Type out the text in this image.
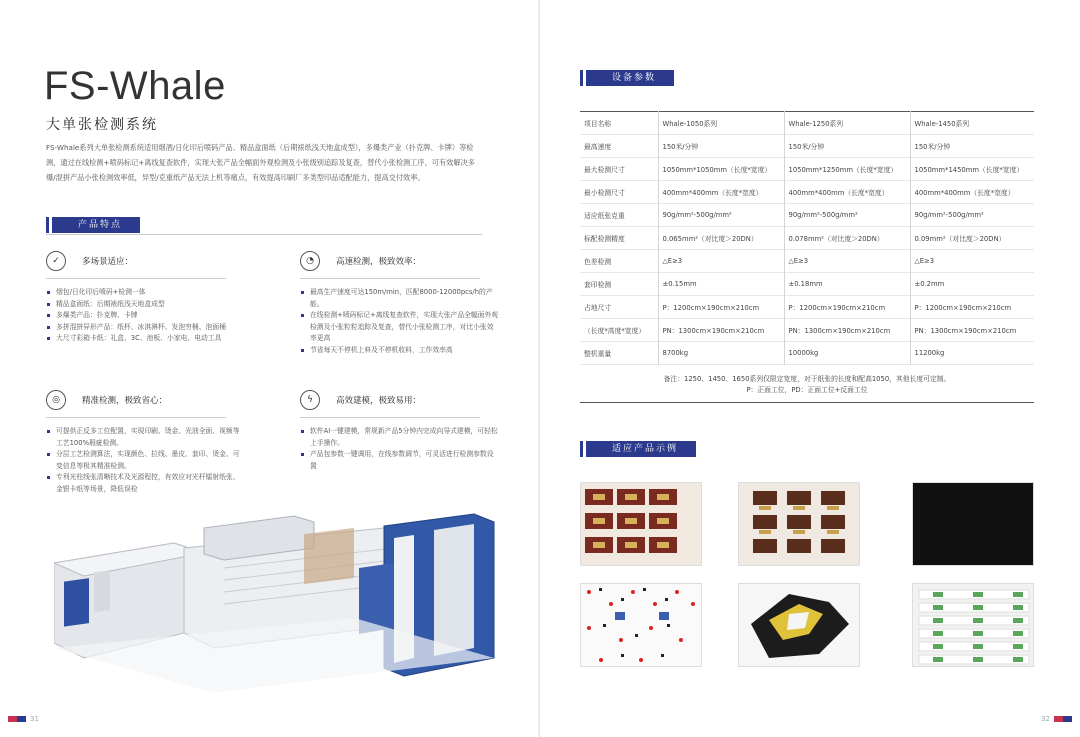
FS-Whale
大单张检测系统
FS-Whale系列大单张检测系统适用烟酒/日化印后喷码产品、精品盒面纸（后期裱纸浅天地盒成型），多爆类产业（扑克牌、卡牌）等检测，通过在线检测+喷码标记+离线复查软件，实现大张产品全幅面外观检测及小张级别追踪及复查，替代小张检测工序，可有效解决多爆/混拼产品小张检测效率低，异型/克重纸产品无法上机等痛点，有效提高印刷厂多类型印品适配能力，提高交付效率。
产品特点
✓	多场景适应：
烟包/日化印后喷码+检测一体
精品盒面纸：后期裱纸浅天地盒成型
多爆类产品：扑克牌、卡牌
多拼混拼异形产品：纸杯、冰淇淋杯、发泡穷桶、泡面桶
大尺寸彩箱卡纸：礼盒、3C、池板、小家电、电动工具
◔	高速检测，极致效率：
最高生产速度可达150m/min，匹配8000-12000pcs/h的产能。
在线检测+喷码标记+离线复查软件，实现大张产品全幅面外观检测及小张粒粒追踪及复查，替代小张检测工序，对比小张效率更高
节省每天不停机上料及不停机收料，工作效率高
◎	精准检测，极致省心：
可提供正反多工位配置，实现印刷、烫金、光油全面、视频等工艺100%瑕疵检测。
分层工艺检测算法，实现颜色、拉线、墨皮、套印、烫金、可变信息等极其精准检测。
专利光柱线张清晰技术及光源程控，有效应对光杆镭射纸张、金银卡纸等场景，降低误检
ϟ	高效建模，极致易用：
软件AI一键建模，常规新产品5分钟内完成向导式建模，可轻松上手操作。
产品包参数一键调用，在线参数调节，可灵活进行检测参数设置
31
设备参数
项目名称	Whale-1050系列	Whale-1250系列	Whale-1450系列
最高速度	150米/分钟	150米/分钟	150米/分钟
最大检测尺寸	1050mm*1050mm（长度*宽度）	1050mm*1250mm（长度*宽度）	1050mm*1450mm（长度*宽度）
最小检测尺寸	400mm*400mm（长度*宽度）	400mm*400mm（长度*宽度）	400mm*400mm（长度*宽度）
适应纸张克重	90g/mm²-500g/mm²	90g/mm²-500g/mm²	90g/mm²-500g/mm²
标配检测精度	0.065mm²（对比度＞20DN）	0.078mm²（对比度＞20DN）	0.09mm²（对比度＞20DN）
色差检测	△E≥3	△E≥3	△E≥3
套印检测	±0.15mm	±0.18mm	±0.2mm
占地尺寸	P：1200cm×190cm×210cm	P：1200cm×190cm×210cm	P：1200cm×190cm×210cm
（长度*高度*宽度）	PN：1300cm×190cm×210cm	PN：1300cm×190cm×210cm	PN：1300cm×190cm×210cm
整机重量	8700kg	10000kg	11200kg
备注：1250、1450、1650系列仅限定宽度，对于纸张的长度和配高1050，其他长度可定制。
P：正面工位，PD：正面工位+反面工位
适应产品示例
32
